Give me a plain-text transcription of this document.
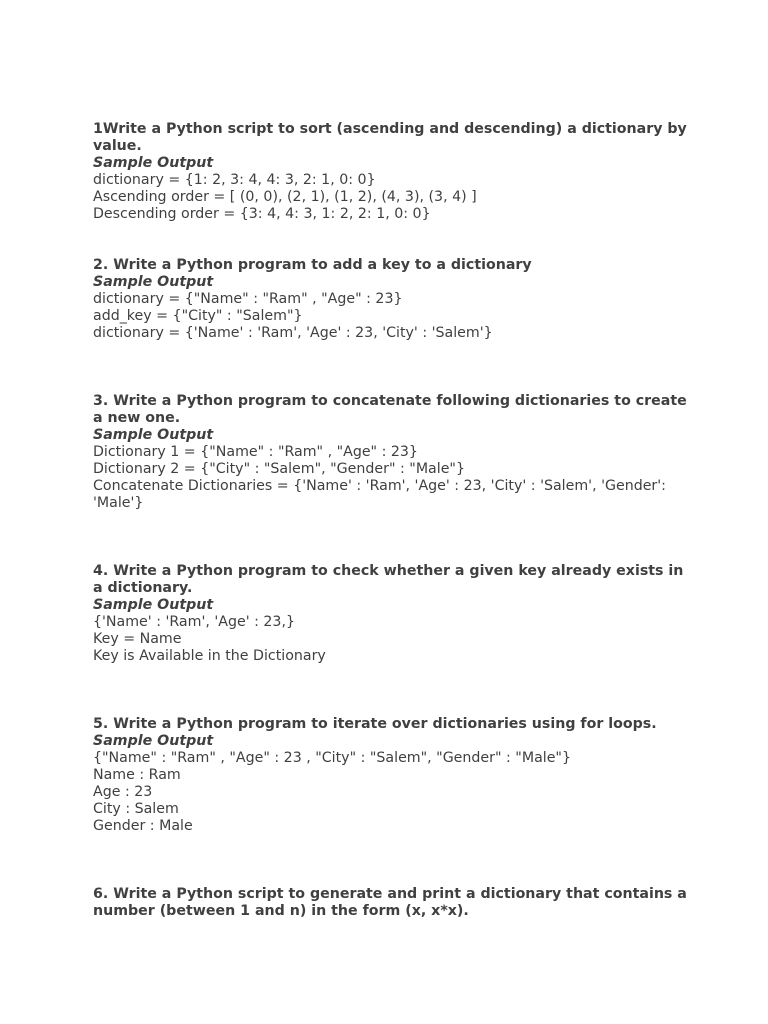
1Write a Python script to sort (ascending and descending) a dictionary by value.

Sample Output

dictionary = {1: 2, 3: 4, 4: 3, 2: 1, 0: 0}

Ascending order = [ (0, 0), (2, 1), (1, 2), (4, 3), (3, 4) ]

Descending order = {3: 4, 4: 3, 1: 2, 2: 1, 0: 0}

2. Write a Python program to add a key to a dictionary

Sample Output

dictionary = {"Name" : "Ram" , "Age" : 23}

add_key = {"City" : "Salem"}

dictionary = {'Name' : 'Ram', 'Age' : 23, 'City' : 'Salem'}

3. Write a Python program to concatenate following dictionaries to create a new one.

Sample Output

Dictionary 1 = {"Name" : "Ram" , "Age" : 23}

Dictionary 2 = {"City" : "Salem", "Gender" : "Male"}

Concatenate Dictionaries = {'Name' : 'Ram', 'Age' : 23, 'City' : 'Salem', 'Gender': 'Male'}

4. Write a Python program to check whether a given key already exists in a dictionary.

Sample Output

{'Name' : 'Ram', 'Age' : 23,}

Key = Name

Key is Available in the Dictionary

5. Write a Python program to iterate over dictionaries using for loops.

Sample Output

{"Name" : "Ram" , "Age" : 23 , "City" : "Salem", "Gender" : "Male"}

Name : Ram

Age : 23

City : Salem

Gender : Male

6. Write a Python script to generate and print a dictionary that contains a number (between 1 and n) in the form (x, x*x).
